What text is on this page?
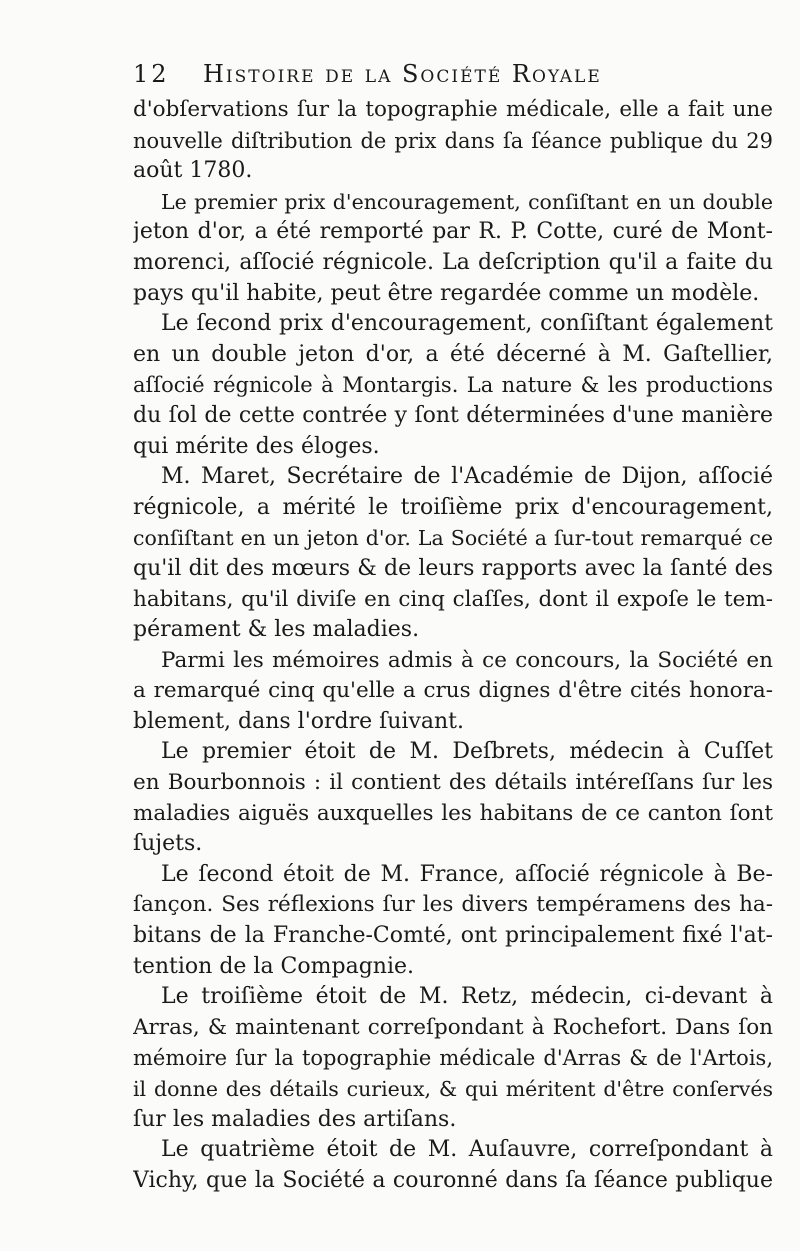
12 Histoire de la Société Royale
d'obſervations ſur la topographie médicale, elle a fait une
nouvelle diſtribution de prix dans ſa ſéance publique du 29
août 1780.
Le premier prix d'encouragement, conſiſtant en un double
jeton d'or, a été remporté par R. P. Cotte, curé de Mont-
morenci, aſſocié régnicole. La deſcription qu'il a faite du
pays qu'il habite, peut être regardée comme un modèle.
Le ſecond prix d'encouragement, conſiſtant également
en un double jeton d'or, a été décerné à M. Gaſtellier,
aſſocié régnicole à Montargis. La nature & les productions
du ſol de cette contrée y ſont déterminées d'une manière
qui mérite des éloges.
M. Maret, Secrétaire de l'Académie de Dijon, aſſocié
régnicole, a mérité le troiſième prix d'encouragement,
conſiſtant en un jeton d'or. La Société a ſur-tout remarqué ce
qu'il dit des mœurs & de leurs rapports avec la ſanté des
habitans, qu'il diviſe en cinq claſſes, dont il expoſe le tem-
pérament & les maladies.
Parmi les mémoires admis à ce concours, la Société en
a remarqué cinq qu'elle a crus dignes d'être cités honora-
blement, dans l'ordre ſuivant.
Le premier étoit de M. Deſbrets, médecin à Cuſſet
en Bourbonnois : il contient des détails intéreſſans ſur les
maladies aiguës auxquelles les habitans de ce canton ſont
ſujets.
Le ſecond étoit de M. France, aſſocié régnicole à Be-
ſançon. Ses réflexions ſur les divers tempéramens des ha-
bitans de la Franche-Comté, ont principalement fixé l'at-
tention de la Compagnie.
Le troiſième étoit de M. Retz, médecin, ci-devant à
Arras, & maintenant correſpondant à Rochefort. Dans ſon
mémoire ſur la topographie médicale d'Arras & de l'Artois,
il donne des détails curieux, & qui méritent d'être conſervés
ſur les maladies des artiſans.
Le quatrième étoit de M. Auſauvre, correſpondant à
Vichy, que la Société a couronné dans ſa ſéance publique
